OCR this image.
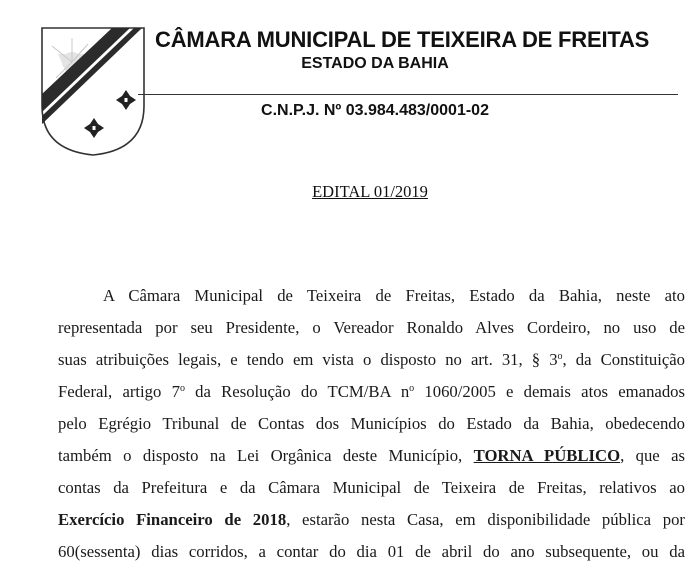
CÂMARA MUNICIPAL DE TEIXEIRA DE FREITAS
ESTADO DA BAHIA
C.N.P.J. Nº 03.984.483/0001-02
EDITAL 01/2019
A Câmara Municipal de Teixeira de Freitas, Estado da Bahia, neste ato
representada por seu Presidente, o Vereador Ronaldo Alves Cordeiro, no uso de
suas atribuições legais, e tendo em vista o disposto no art. 31, § 3$^o$, da Constituição
Federal, artigo 7$^o$ da Resolução do TCM/BA $n^o$ 1060/2005 e demais atos emanados
pelo Egrégio Tribunal de Contas dos Municípios do Estado da Bahia, obedecendo
também o disposto na Lei Orgânica deste Município, TORNA PÚBLICO, que as
contas da Prefeitura e da Câmara Municipal de Teixeira de Freitas, relativos ao
Exercício Financeiro de 2018, estarão nesta Casa, em disponibilidade pública por
60(sessenta) dias corridos, a contar do dia 01 de abril do ano subsequente, ou da
